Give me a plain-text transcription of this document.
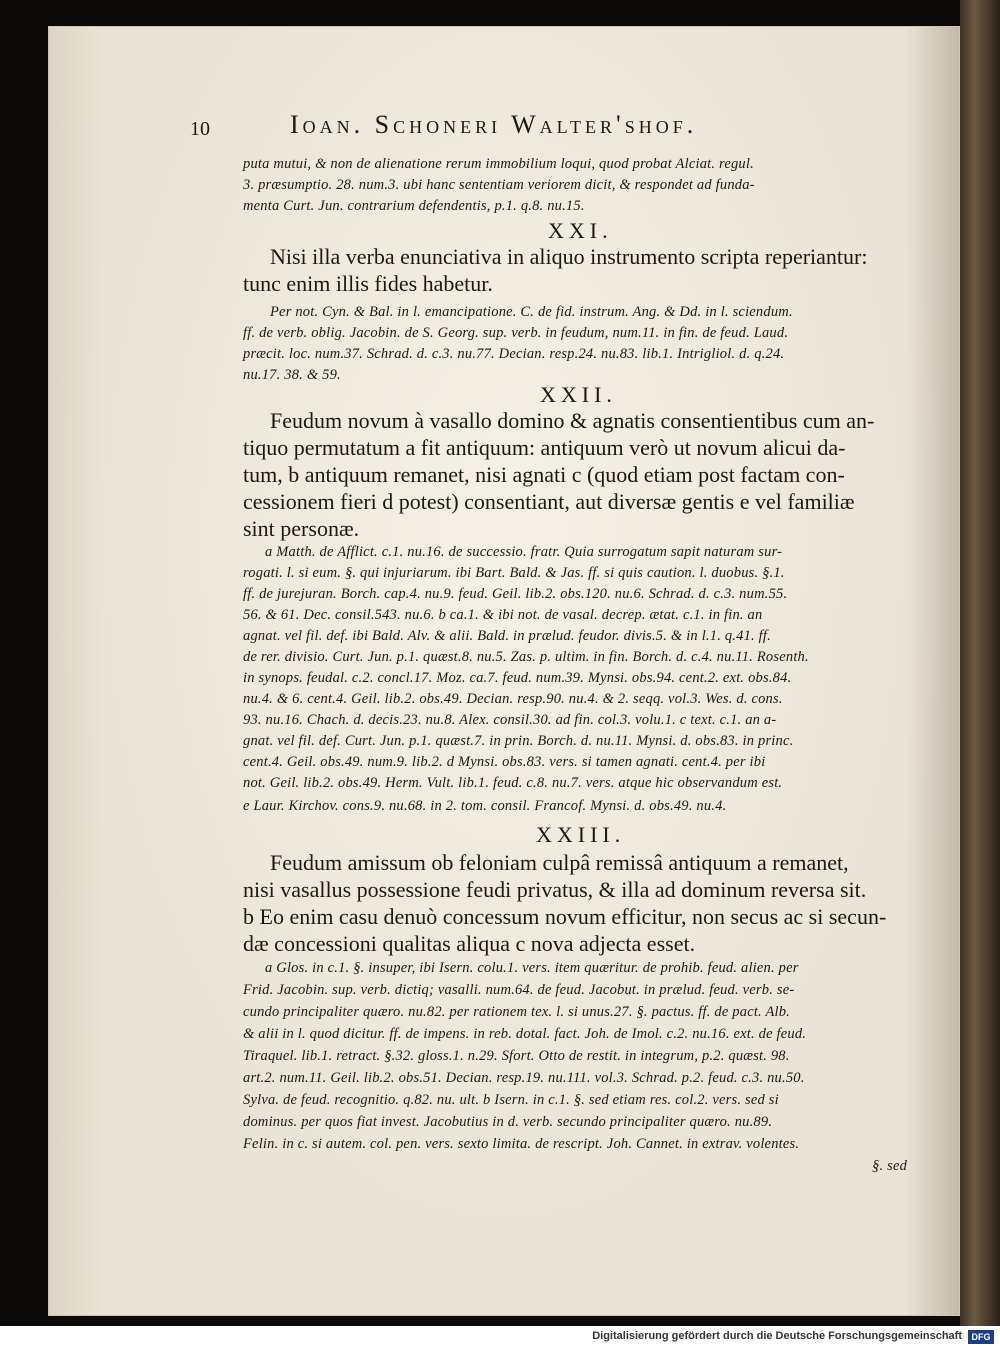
10	Ioan. Schoneri Walter'shof.
puta mutui, & non de alienatione rerum immobilium loqui, quod probat Alciat. regul.
3. præsumptio. 28. num.3. ubi hanc sententiam veriorem dicit, & respondet ad funda-
menta Curt. Jun. contrarium defendentis, p.1. q.8. nu.15.
XXI.
Nisi illa verba enunciativa in aliquo instrumento scripta reperiantur:
tunc enim illis fides habetur.
Per not. Cyn. & Bal. in l. emancipatione. C. de fid. instrum. Ang. & Dd. in l. sciendum.
ff. de verb. oblig. Jacobin. de S. Georg. sup. verb. in feudum, num.11. in fin. de feud. Laud.
præcit. loc. num.37. Schrad. d. c.3. nu.77. Decian. resp.24. nu.83. lib.1. Intrigliol. d. q.24.
nu.17. 38. & 59.
XXII.
Feudum novum à vasallo domino & agnatis consentientibus cum an-
tiquo permutatum a fit antiquum: antiquum verò ut novum alicui da-
tum, b antiquum remanet, nisi agnati c (quod etiam post factam con-
cessionem fieri d potest) consentiant, aut diversæ gentis e vel familiæ
sint personæ.
a Matth. de Afflict. c.1. nu.16. de successio. fratr. Quia surrogatum sapit naturam sur-
rogati. l. si eum. §. qui injuriarum. ibi Bart. Bald. & Jas. ff. si quis caution. l. duobus. §.1.
ff. de jurejuran. Borch. cap.4. nu.9. feud. Geil. lib.2. obs.120. nu.6. Schrad. d. c.3. num.55.
56. & 61. Dec. consil.543. nu.6. b ca.1. & ibi not. de vasal. decrep. ætat. c.1. in fin. an
agnat. vel fil. def. ibi Bald. Alv. & alii. Bald. in prælud. feudor. divis.5. & in l.1. q.41. ff.
de rer. divisio. Curt. Jun. p.1. quæst.8. nu.5. Zas. p. ultim. in fin. Borch. d. c.4. nu.11. Rosenth.
in synops. feudal. c.2. concl.17. Moz. ca.7. feud. num.39. Mynsi. obs.94. cent.2. ext. obs.84.
nu.4. & 6. cent.4. Geil. lib.2. obs.49. Decian. resp.90. nu.4. & 2. seqq. vol.3. Wes. d. cons.
93. nu.16. Chach. d. decis.23. nu.8. Alex. consil.30. ad fin. col.3. volu.1. c text. c.1. an a-
gnat. vel fil. def. Curt. Jun. p.1. quæst.7. in prin. Borch. d. nu.11. Mynsi. d. obs.83. in princ.
cent.4. Geil. obs.49. num.9. lib.2. d Mynsi. obs.83. vers. si tamen agnati. cent.4. per ibi
not. Geil. lib.2. obs.49. Herm. Vult. lib.1. feud. c.8. nu.7. vers. atque hic observandum est.
e Laur. Kirchov. cons.9. nu.68. in 2. tom. consil. Francof. Mynsi. d. obs.49. nu.4.
XXIII.
Feudum amissum ob feloniam culpâ remissâ antiquum a remanet,
nisi vasallus possessione feudi privatus, & illa ad dominum reversa sit.
b Eo enim casu denuò concessum novum efficitur, non secus ac si secun-
dæ concessioni qualitas aliqua c nova adjecta esset.
a Glos. in c.1. §. insuper, ibi Isern. colu.1. vers. item quæritur. de prohib. feud. alien. per
Frid. Jacobin. sup. verb. dictiq; vasalli. num.64. de feud. Jacobut. in prælud. feud. verb. se-
cundo principaliter quæro. nu.82. per rationem tex. l. si unus.27. §. pactus. ff. de pact. Alb.
& alii in l. quod dicitur. ff. de impens. in reb. dotal. fact. Joh. de Imol. c.2. nu.16. ext. de feud.
Tiraquel. lib.1. retract. §.32. gloss.1. n.29. Sfort. Otto de restit. in integrum, p.2. quæst. 98.
art.2. num.11. Geil. lib.2. obs.51. Decian. resp.19. nu.111. vol.3. Schrad. p.2. feud. c.3. nu.50.
Sylva. de feud. recognitio. q.82. nu. ult. b Isern. in c.1. §. sed etiam res. col.2. vers. sed si
dominus. per quos fiat invest. Jacobutius in d. verb. secundo principaliter quæro. nu.89.
Felin. in c. si autem. col. pen. vers. sexto limita. de rescript. Joh. Cannet. in extrav. volentes.
§. sed
Digitalisierung gefördert durch die Deutsche Forschungsgemeinschaft	DFG
